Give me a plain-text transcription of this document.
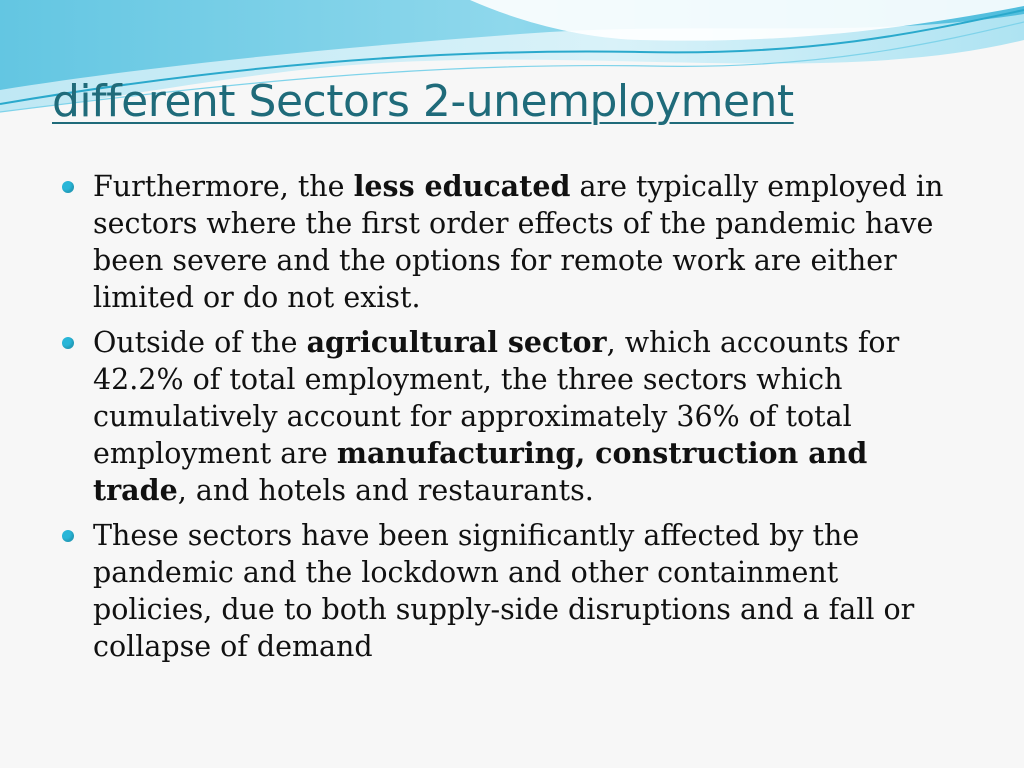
different Sectors 2-unemployment
Furthermore, the less educated are typically employed in sectors where the first order effects of the pandemic have been severe and the options for remote work are either limited or do not exist.
Outside of the agricultural sector, which accounts for 42.2% of total employment, the three sectors which cumulatively account for approximately 36% of total employment are manufacturing, construction and trade, and hotels and restaurants.
These sectors have been significantly affected by the pandemic and the lockdown and other containment policies, due to both supply-side disruptions and a fall or collapse of demand
